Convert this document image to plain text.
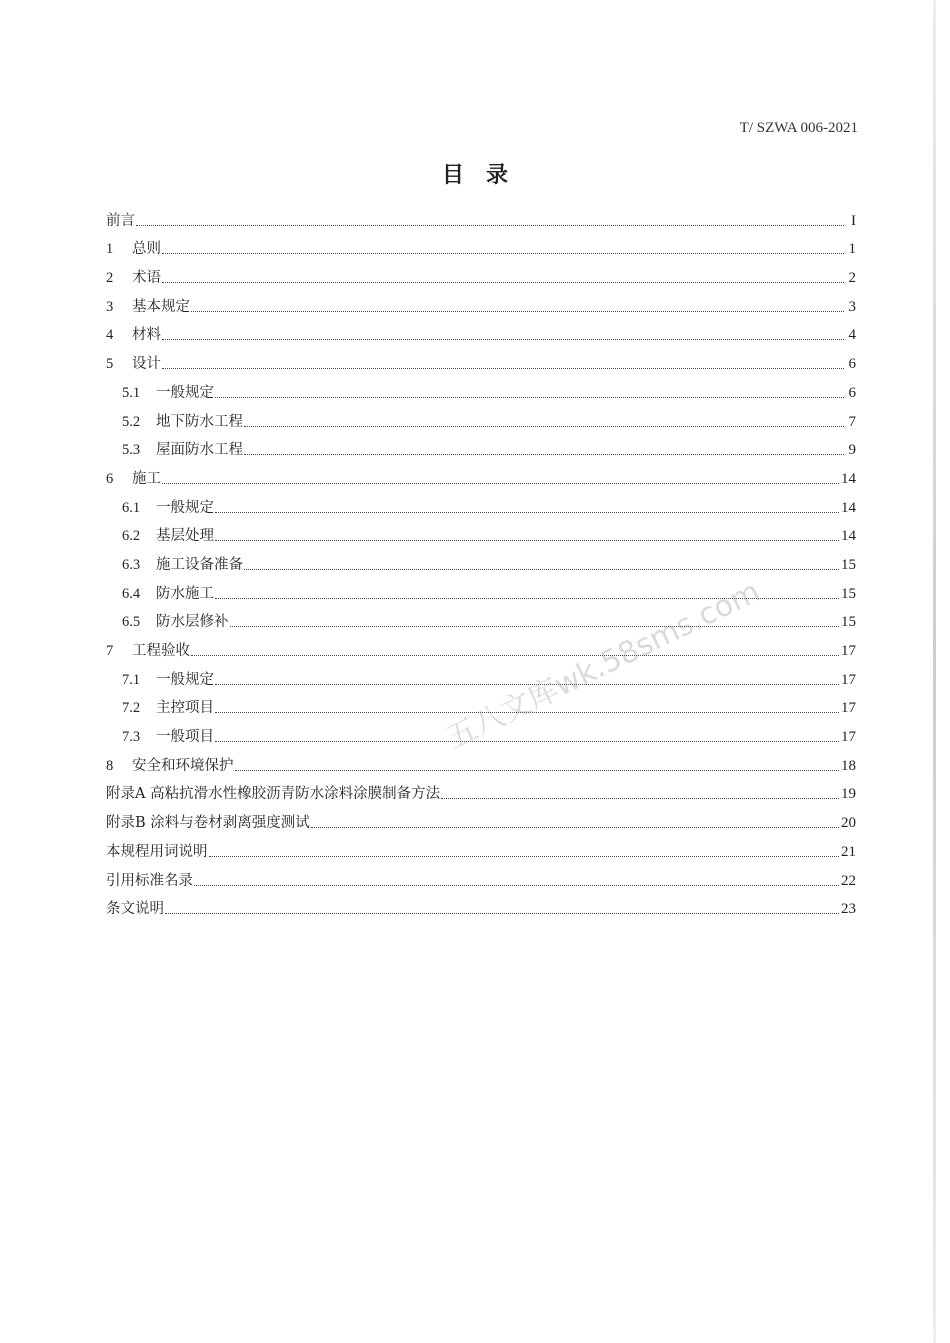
T/ SZWA 006-2021
目录
前言	I
1	总则	1
2	术语	2
3	基本规定	3
4	材料	4
5	设计	6
5.1	一般规定	6
5.2	地下防水工程	7
5.3	屋面防水工程	9
6	施工	14
6.1	一般规定	14
6.2	基层处理	14
6.3	施工设备准备	15
6.4	防水施工	15
6.5	防水层修补	15
7	工程验收	17
7.1	一般规定	17
7.2	主控项目	17
7.3	一般项目	17
8	安全和环境保护	18
附录A 高粘抗滑水性橡胶沥青防水涂料涂膜制备方法	19
附录B 涂料与卷材剥离强度测试	20
本规程用词说明	21
引用标准名录	22
条文说明	23
五八文库wk.58sms.com
